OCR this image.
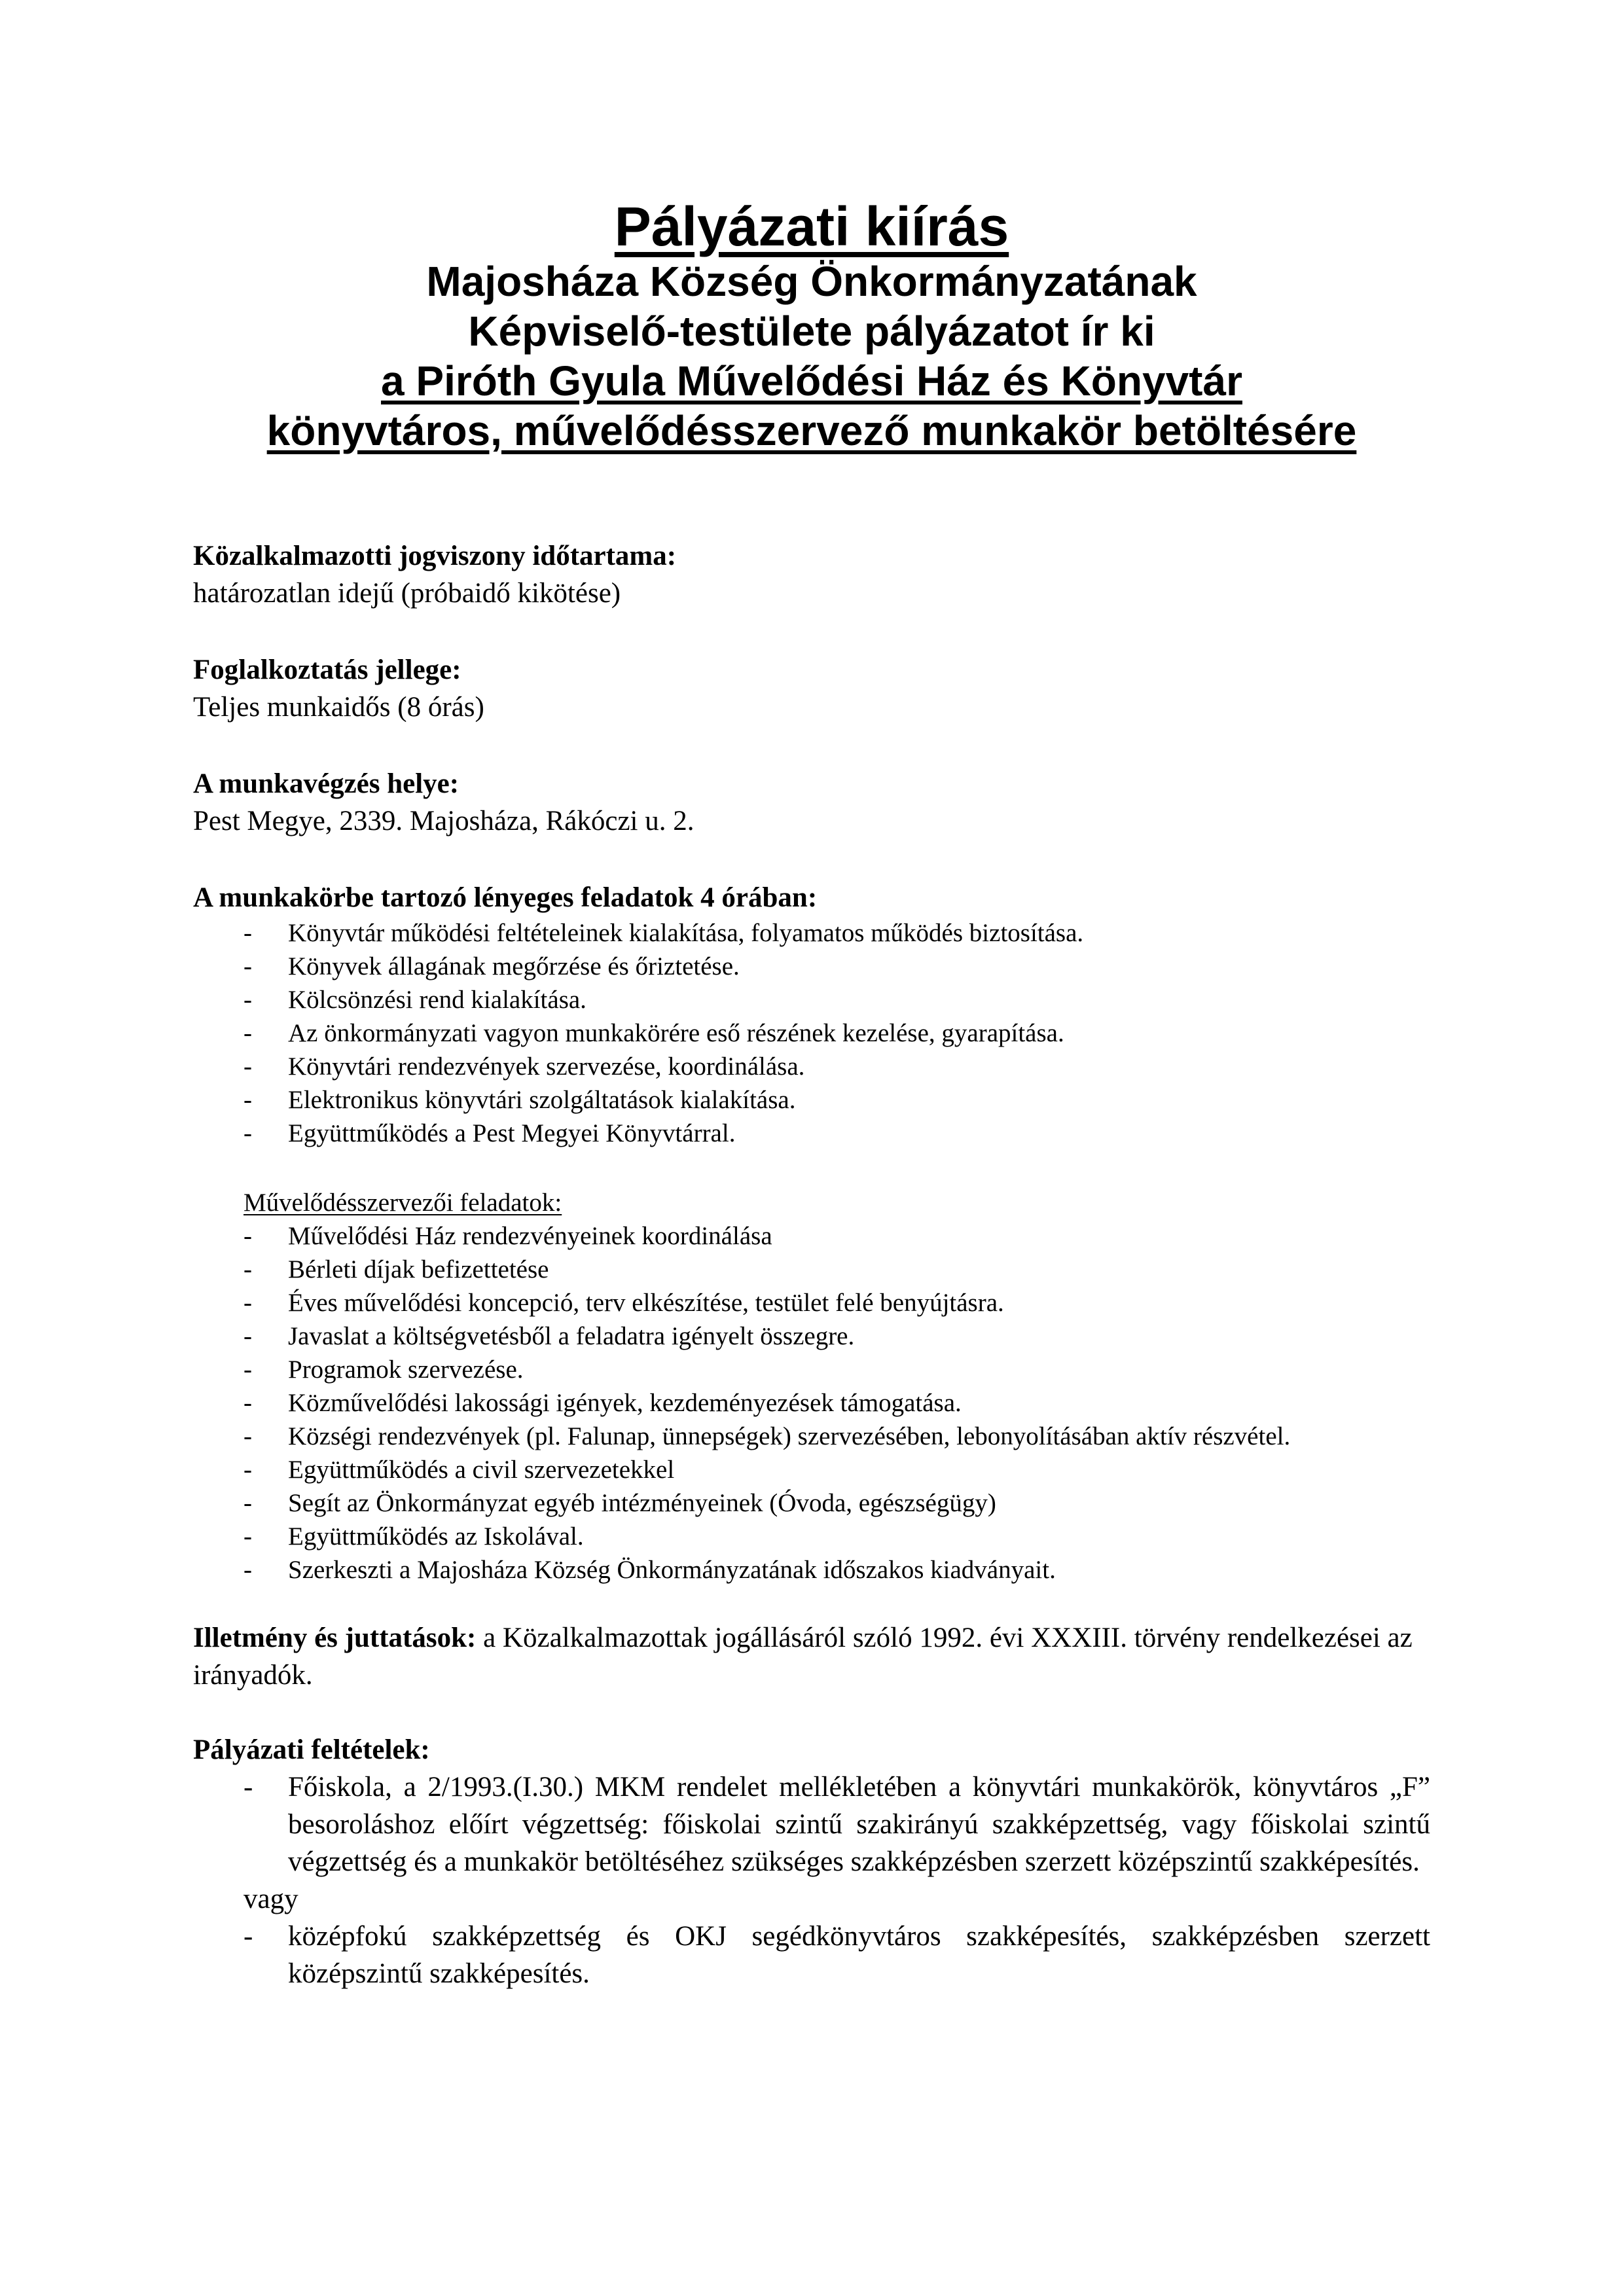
Pályázati kiírás

Majosháza Község Önkormányzatának

Képviselő-testülete pályázatot ír ki

a Piróth Gyula Művelődési Ház és Könyvtár

könyvtáros, művelődésszervező munkakör betöltésére

Közalkalmazotti jogviszony időtartama:

határozatlan idejű (próbaidő kikötése)

Foglalkoztatás jellege:

Teljes munkaidős (8 órás)

A munkavégzés helye:

Pest Megye, 2339. Majosháza, Rákóczi u. 2.

A munkakörbe tartozó lényeges feladatok 4 órában:

- Könyvtár működési feltételeinek kialakítása, folyamatos működés biztosítása.
- Könyvek állagának megőrzése és őriztetése.
- Kölcsönzési rend kialakítása.
- Az önkormányzati vagyon munkakörére eső részének kezelése, gyarapítása.
- Könyvtári rendezvények szervezése, koordinálása.
- Elektronikus könyvtári szolgáltatások kialakítása.
- Együttműködés a Pest Megyei Könyvtárral.

Művelődésszervezői feladatok:

- Művelődési Ház rendezvényeinek koordinálása
- Bérleti díjak befizettetése
- Éves művelődési koncepció, terv elkészítése, testület felé benyújtásra.
- Javaslat a költségvetésből a feladatra igényelt összegre.
- Programok szervezése.
- Közművelődési lakossági igények, kezdeményezések támogatása.
- Községi rendezvények (pl. Falunap, ünnepségek) szervezésében, lebonyolításában aktív részvétel.
- Együttműködés a civil szervezetekkel
- Segít az Önkormányzat egyéb intézményeinek (Óvoda, egészségügy)
- Együttműködés az Iskolával.
- Szerkeszti a Majosháza Község Önkormányzatának időszakos kiadványait.

Illetmény és juttatások: a Közalkalmazottak jogállásáról szóló 1992. évi XXXIII. törvény rendelkezései az irányadók.

Pályázati feltételek:

- Főiskola, a 2/1993.(I.30.) MKM rendelet mellékletében a könyvtári munkakörök, könyvtáros „F” besoroláshoz előírt végzettség: főiskolai szintű szakirányú szakképzettség, vagy főiskolai szintű végzettség és a munkakör betöltéséhez szükséges szakképzésben szerzett középszintű szakképesítés.

vagy

- középfokú szakképzettség és OKJ segédkönyvtáros szakképesítés, szakképzésben szerzett középszintű szakképesítés.
